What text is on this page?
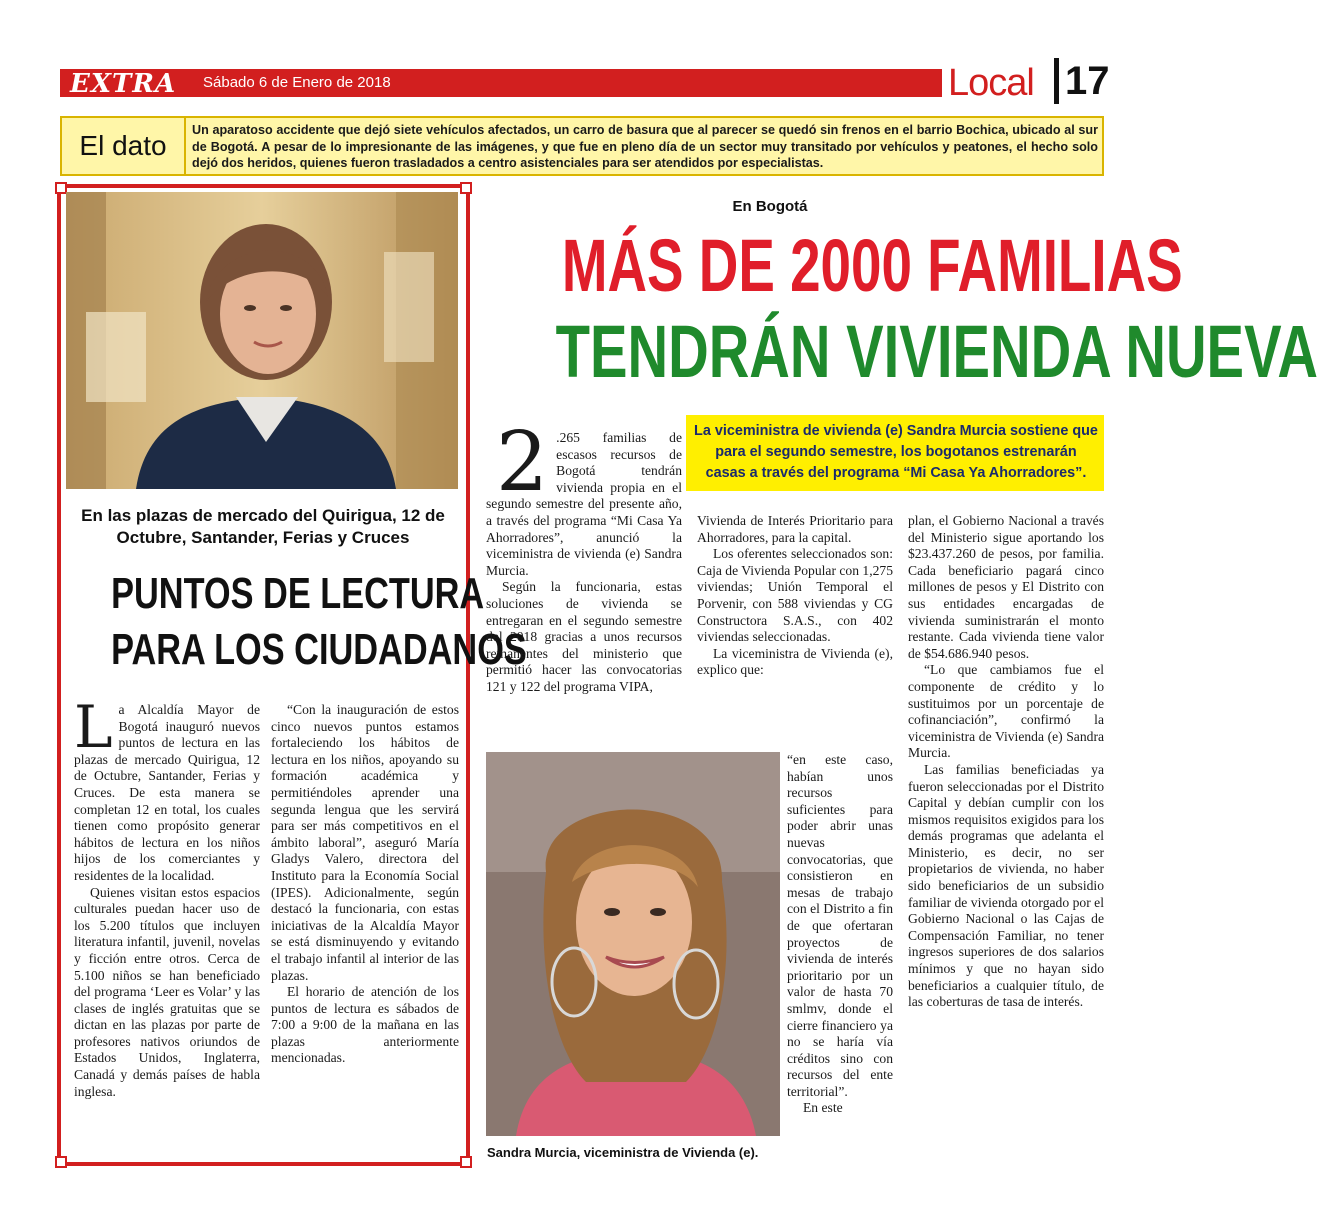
EXTRA Sábado 6 de Enero de 2018	Local 17
El dato	Un aparatoso accidente que dejó siete vehículos afectados, un carro de basura que al parecer se quedó sin frenos en el barrio Bochica, ubicado al sur de Bogotá. A pesar de lo impresionante de las imágenes, y que fue en pleno día de un sector muy transitado por vehículos y peatones, el hecho solo dejó dos heridos, quienes fueron trasladados a centro asistenciales para ser atendidos por especialistas.
En las plazas de mercado del Quirigua, 12 de Octubre, Santander, Ferias y Cruces
PUNTOS DE LECTURA
PARA LOS CIUDADANOS

La Alcaldía Mayor de Bogotá inauguró nuevos puntos de lectura en las plazas de mercado Quirigua, 12 de Octubre, Santander, Ferias y Cruces. De esta manera se completan 12 en total, los cuales tienen como propósito generar hábitos de lectura en los niños hijos de los comerciantes y residentes de la localidad.

Quienes visitan estos espacios culturales puedan hacer uso de los 5.200 títulos que incluyen literatura infantil, juvenil, novelas y ficción entre otros. Cerca de 5.100 niños se han beneficiado del programa ‘Leer es Volar’ y las clases de inglés gratuitas que se dictan en las plazas por parte de profesores nativos oriundos de Estados Unidos, Inglaterra, Canadá y demás países de habla inglesa.

“Con la inauguración de estos cinco nuevos puntos estamos fortaleciendo los hábitos de lectura en los niños, apoyando su formación académica y permitiéndoles aprender una segunda lengua que les servirá para ser más competitivos en el ámbito laboral”, aseguró María Gladys Valero, directora del Instituto para la Economía Social (IPES). Adicionalmente, según destacó la funcionaria, con estas iniciativas de la Alcaldía Mayor se está disminuyendo y evitando el trabajo infantil al interior de las plazas.

El horario de atención de los puntos de lectura es sábados de 7:00 a 9:00 de la mañana en las plazas anteriormente mencionadas.

En Bogotá
MÁS DE 2000 FAMILIAS
TENDRÁN VIVIENDA NUEVA
La viceministra de vivienda (e) Sandra Murcia sostiene que para el segundo semestre, los bogotanos estrenarán casas a través del programa “Mi Casa Ya Ahorradores”.

2 .265 familias de escasos recursos de Bogotá tendrán vivienda propia en el segundo semestre del presente año, a través del programa “Mi Casa Ya Ahorradores”, anunció la viceministra de vivienda (e) Sandra Murcia.

Según la funcionaria, estas soluciones de vivienda se entregaran en el segundo semestre del 2018 gracias a unos recursos remanentes del ministerio que permitió hacer las convocatorias 121 y 122 del programa VIPA,

Vivienda de Interés Prioritario para Ahorradores, para la capital.

Los oferentes seleccionados son: Caja de Vivienda Popular con 1,275 viviendas; Unión Temporal el Porvenir, con 588 viviendas y CG Constructora S.A.S., con 402 viviendas seleccionadas.

La viceministra de Vivienda (e), explico que:

Sandra Murcia, viceministra de Vivienda (e).

“en este caso, habían unos recursos suficientes para poder abrir unas nuevas convocatorias, que consistieron en mesas de trabajo con el Distrito a fin de que ofertaran proyectos de vivienda de interés prioritario por un valor de hasta 70 smlmv, donde el cierre financiero ya no se haría vía créditos sino con recursos del ente territorial”.

En este

plan, el Gobierno Nacional a través del Ministerio sigue aportando los $23.437.260 de pesos, por familia. Cada beneficiario pagará cinco millones de pesos y El Distrito con sus entidades encargadas de vivienda suministrarán el monto restante. Cada vivienda tiene valor de $54.686.940 pesos.

“Lo que cambiamos fue el componente de crédito y lo sustituimos por un porcentaje de cofinanciación”, confirmó la viceministra de Vivienda (e) Sandra Murcia.

Las familias beneficiadas ya fueron seleccionadas por el Distrito Capital y debían cumplir con los mismos requisitos exigidos para los demás programas que adelanta el Ministerio, es decir, no ser propietarios de vivienda, no haber sido beneficiarios de un subsidio familiar de vivienda otorgado por el Gobierno Nacional o las Cajas de Compensación Familiar, no tener ingresos superiores de dos salarios mínimos y que no hayan sido beneficiarios a cualquier título, de las coberturas de tasa de interés.
